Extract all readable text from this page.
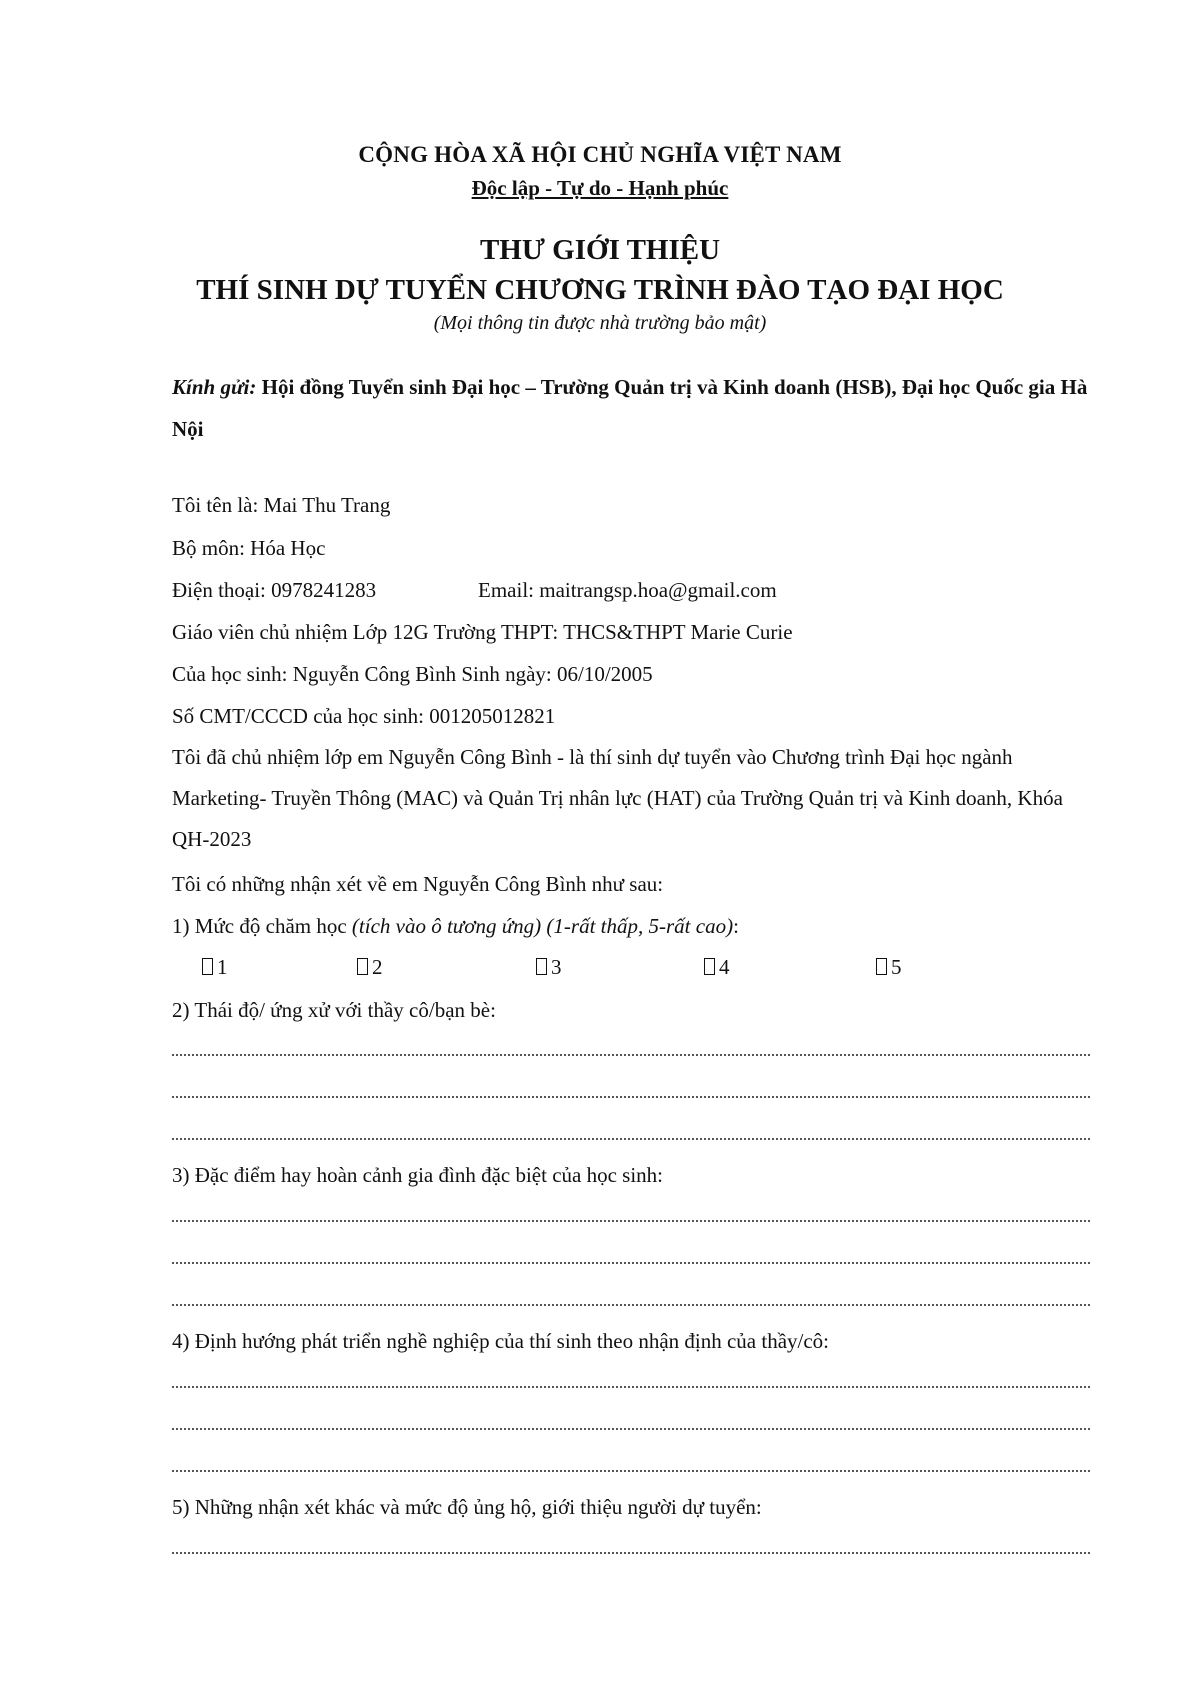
CỘNG HÒA XÃ HỘI CHỦ NGHĨA VIỆT NAM
Độc lập - Tự do - Hạnh phúc
THƯ GIỚI THIỆU
THÍ SINH DỰ TUYỂN CHƯƠNG TRÌNH ĐÀO TẠO ĐẠI HỌC
(Mọi thông tin được nhà trường bảo mật)
Kính gửi: Hội đồng Tuyển sinh Đại học – Trường Quản trị và Kinh doanh (HSB), Đại học Quốc gia Hà Nội
Tôi tên là: Mai Thu Trang
Bộ môn: Hóa Học
Điện thoại: 0978241283	Email: maitrangsp.hoa@gmail.com
Giáo viên chủ nhiệm Lớp 12G Trường THPT: THCS&THPT Marie Curie
Của học sinh: Nguyễn Công Bình Sinh ngày: 06/10/2005
Số CMT/CCCD của học sinh: 001205012821
Tôi đã chủ nhiệm lớp em Nguyễn Công Bình - là thí sinh dự tuyển vào Chương trình Đại học ngành Marketing- Truyền Thông (MAC) và Quản Trị nhân lực (HAT) của Trường Quản trị và Kinh doanh, Khóa QH-2023
Tôi có những nhận xét về em Nguyễn Công Bình như sau:
1) Mức độ chăm học (tích vào ô tương ứng) (1-rất thấp, 5-rất cao):
1	2	3	4	5
2) Thái độ/ ứng xử với thầy cô/bạn bè:
3) Đặc điểm hay hoàn cảnh gia đình đặc biệt của học sinh:
4) Định hướng phát triển nghề nghiệp của thí sinh theo nhận định của thầy/cô:
5) Những nhận xét khác và mức độ ủng hộ, giới thiệu người dự tuyển:
